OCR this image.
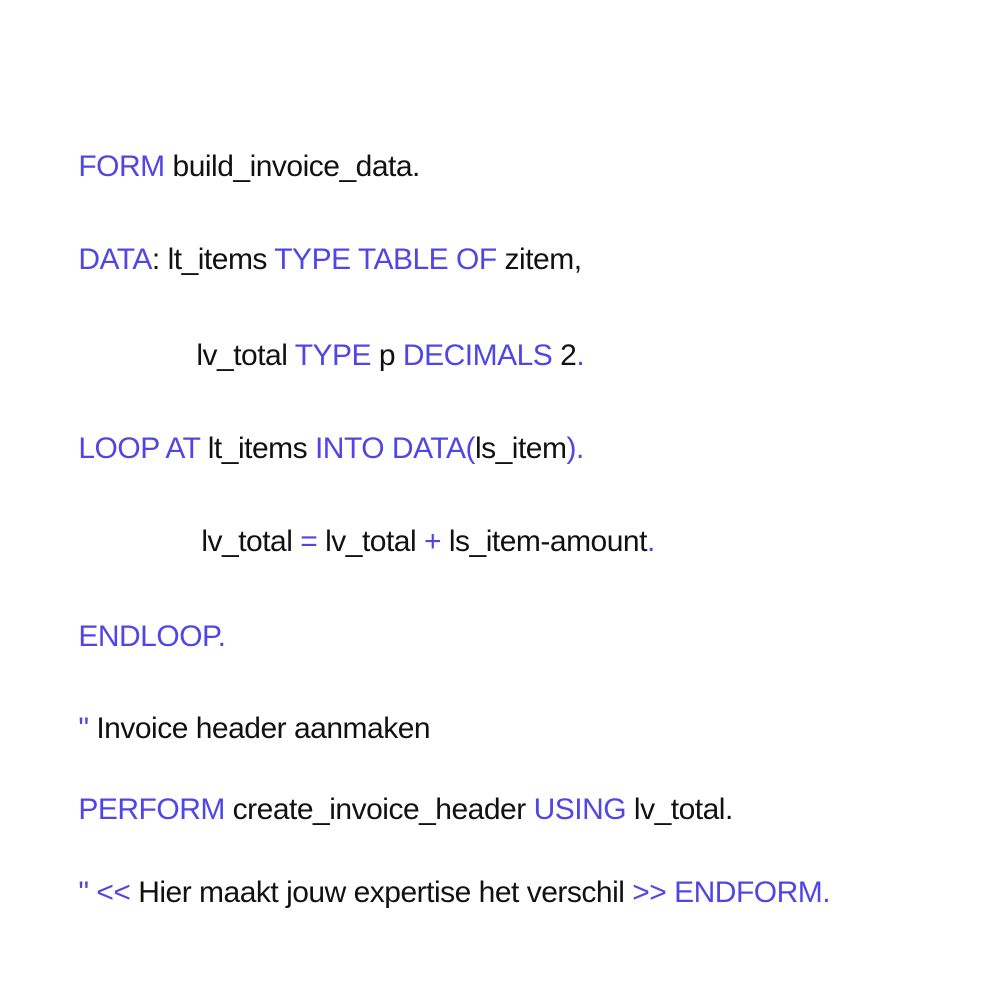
FORM build_invoice_data.

DATA: lt_items TYPE TABLE OF zitem,

lv_total TYPE p DECIMALS 2.

LOOP AT lt_items INTO DATA(ls_item).

lv_total = lv_total + ls_item-amount.

ENDLOOP.

" Invoice header aanmaken

PERFORM create_invoice_header USING lv_total.

" << Hier maakt jouw expertise het verschil >> ENDFORM.
